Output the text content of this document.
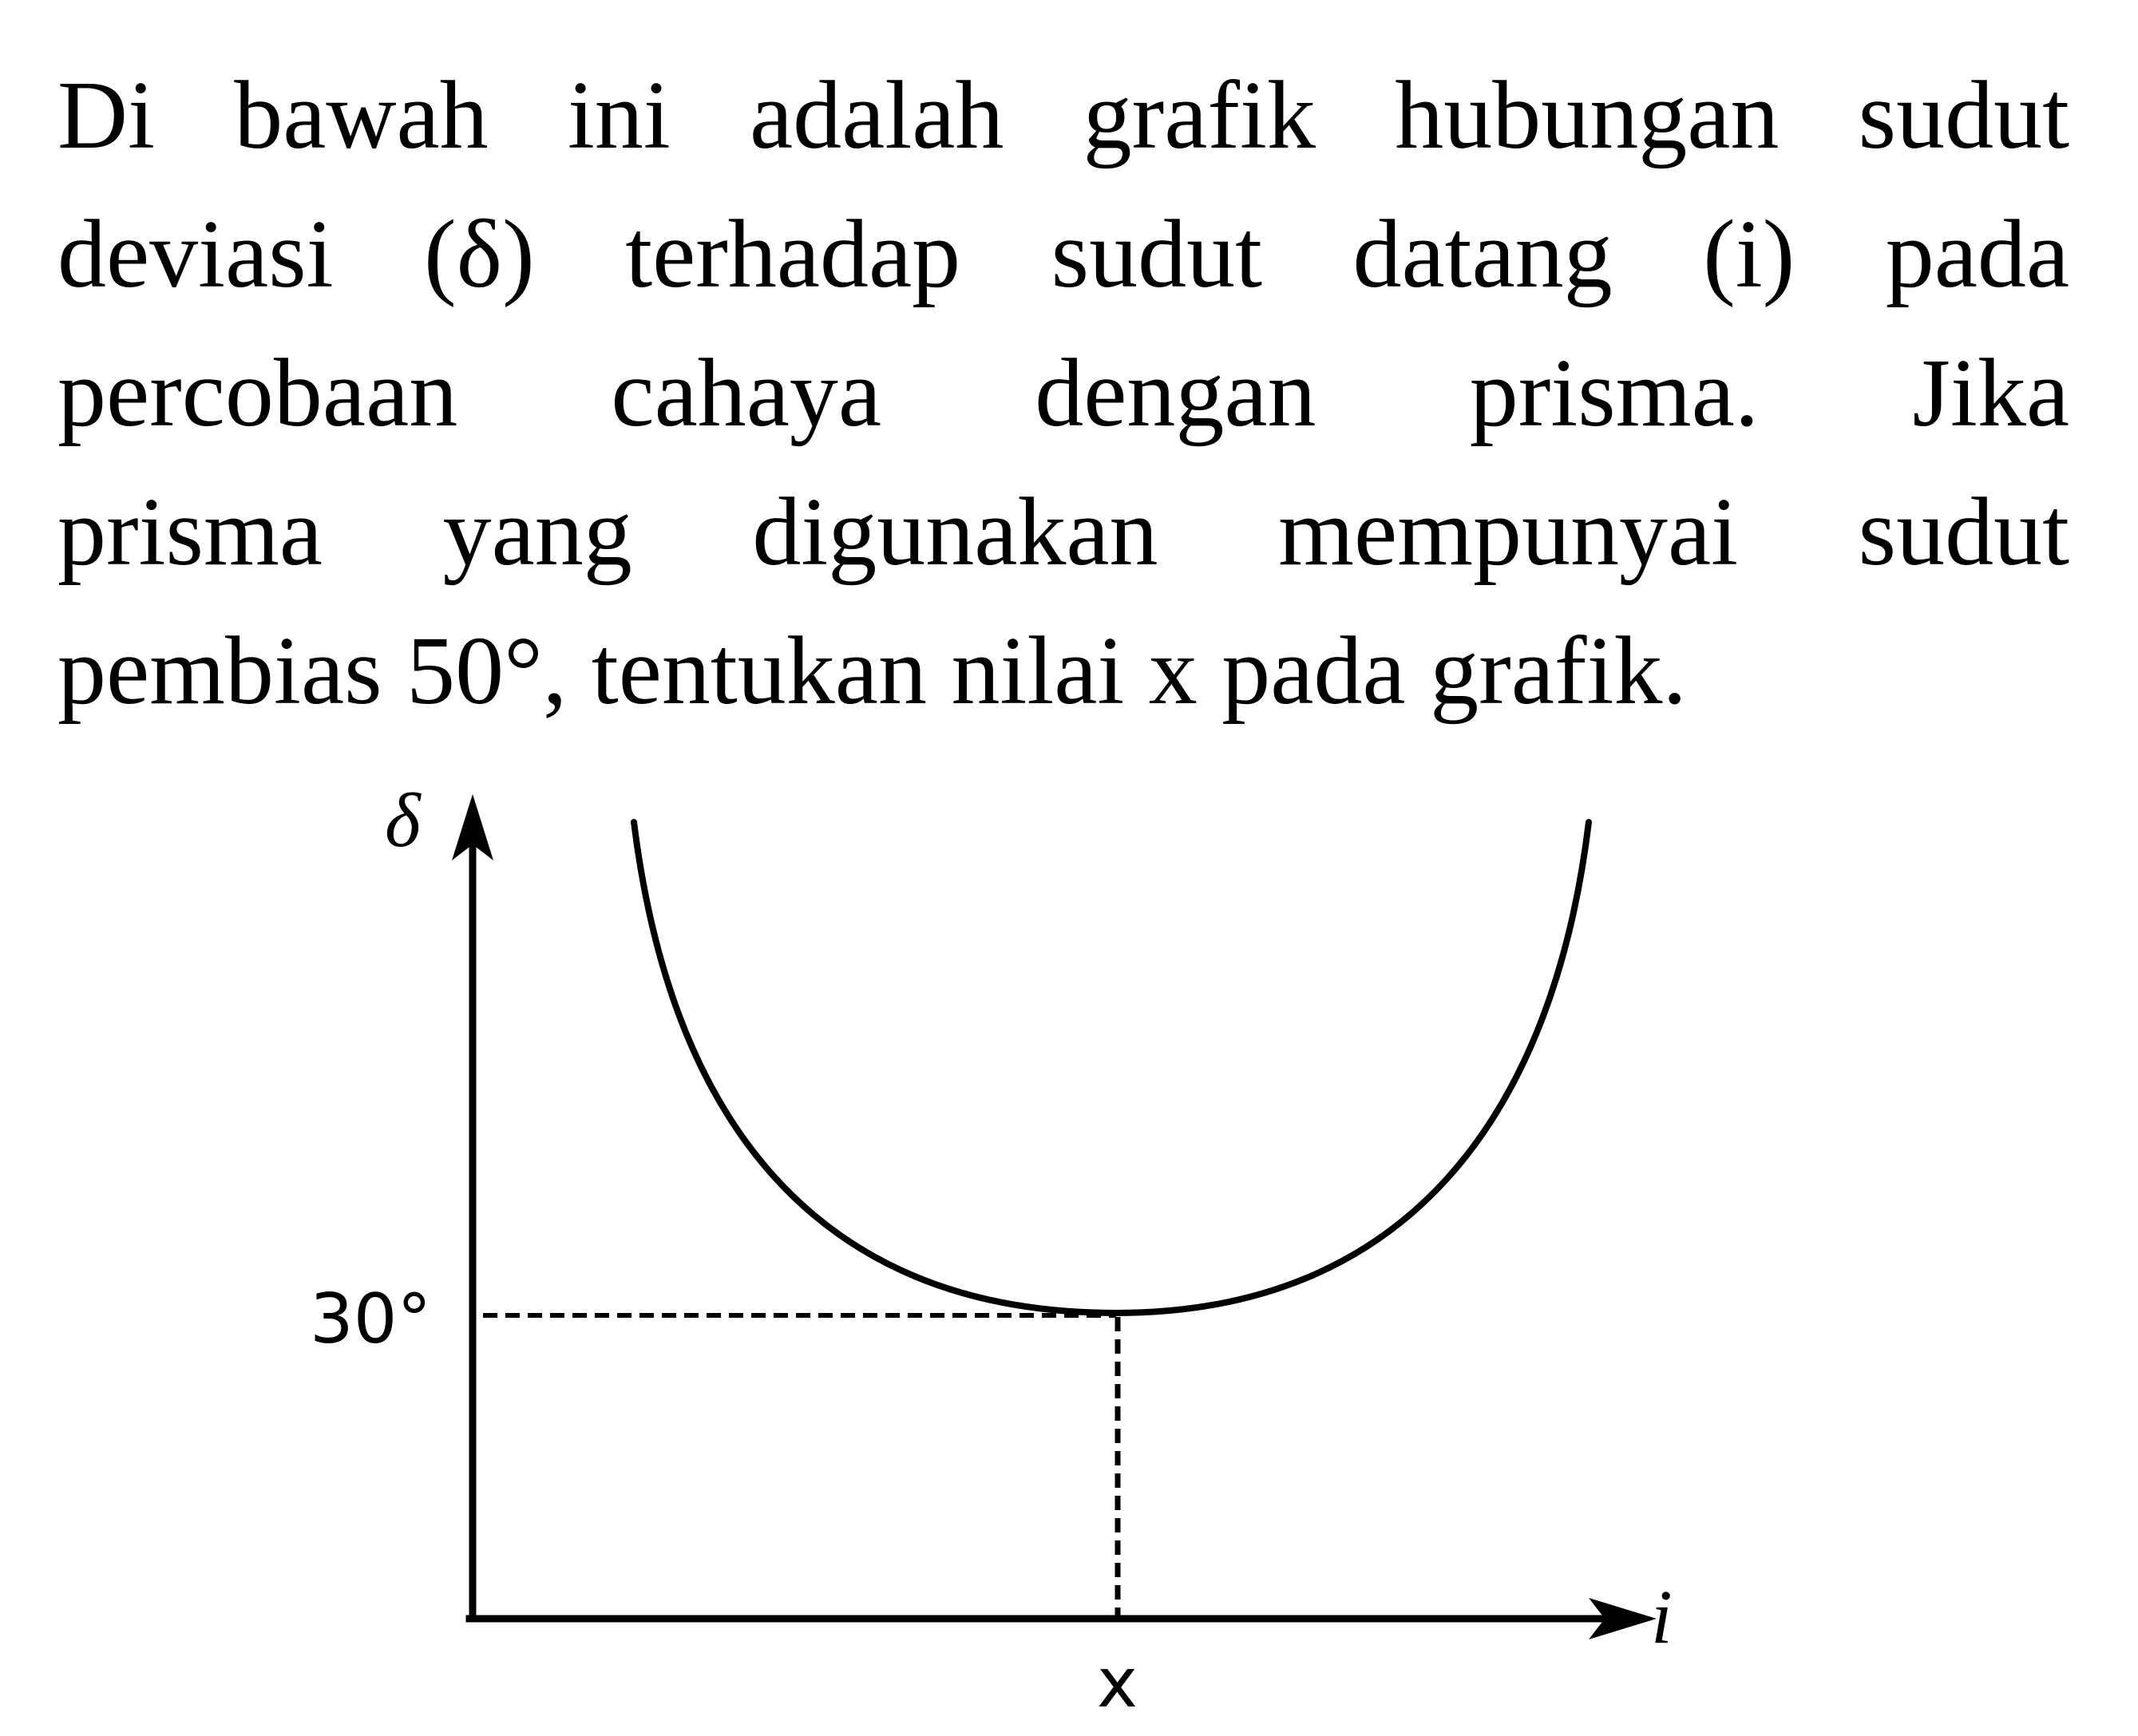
Di bawah ini adalah grafik hubungan sudut
deviasi (δ) terhadap sudut datang (i) pada
percobaan cahaya dengan prisma. Jika
prisma yang digunakan mempunyai sudut
pembias 50°, tentukan nilai x pada grafik.
δ
i
30°
x
